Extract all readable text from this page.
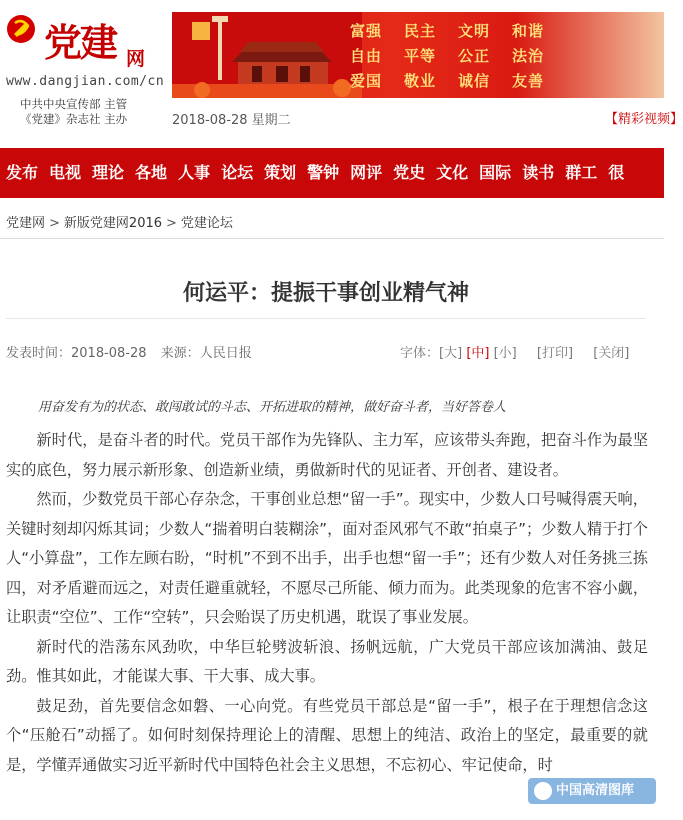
党建 网
www.dangjian.com/cn
中共中央宣传部 主管
《党建》杂志社 主办
富强	民主	文明	和谐
自由	平等	公正	法治
爱国	敬业	诚信	友善
2018-08-28 星期二	【精彩视频】
发布 电视 理论 各地 人事 论坛 策划 警钟 网评 党史 文化 国际 读书 群工 很
党建网 > 新版党建网2016 > 党建论坛
何运平：提振干事创业精气神
发表时间：2018-08-28 来源：人民日报	字体：[大] [中] [小] [打印] [关闭]
用奋发有为的状态、敢闯敢试的斗志、开拓进取的精神，做好奋斗者，当好答卷人

新时代，是奋斗者的时代。党员干部作为先锋队、主力军，应该带头奔跑，把奋斗作为最坚实的底色，努力展示新形象、创造新业绩，勇做新时代的见证者、开创者、建设者。

然而，少数党员干部心存杂念，干事创业总想“留一手”。现实中，少数人口号喊得震天响，关键时刻却闪烁其词；少数人“揣着明白装糊涂”，面对歪风邪气不敢“拍桌子”；少数人精于打个人“小算盘”，工作左顾右盼，“时机”不到不出手，出手也想“留一手”；还有少数人对任务挑三拣四，对矛盾避而远之，对责任避重就轻，不愿尽己所能、倾力而为。此类现象的危害不容小觑，让职责“空位”、工作“空转”，只会贻误了历史机遇，耽误了事业发展。

新时代的浩荡东风劲吹，中华巨轮劈波斩浪、扬帆远航，广大党员干部应该加满油、鼓足劲。惟其如此，才能谋大事、干大事、成大事。

鼓足劲，首先要信念如磐、一心向党。有些党员干部总是“留一手”，根子在于理想信念这个“压舱石”动摇了。如何时刻保持理论上的清醒、思想上的纯洁、政治上的坚定，最重要的就是，学懂弄通做实习近平新时代中国特色社会主义思想，不忘初心、牢记使命，时

中国高清图库
